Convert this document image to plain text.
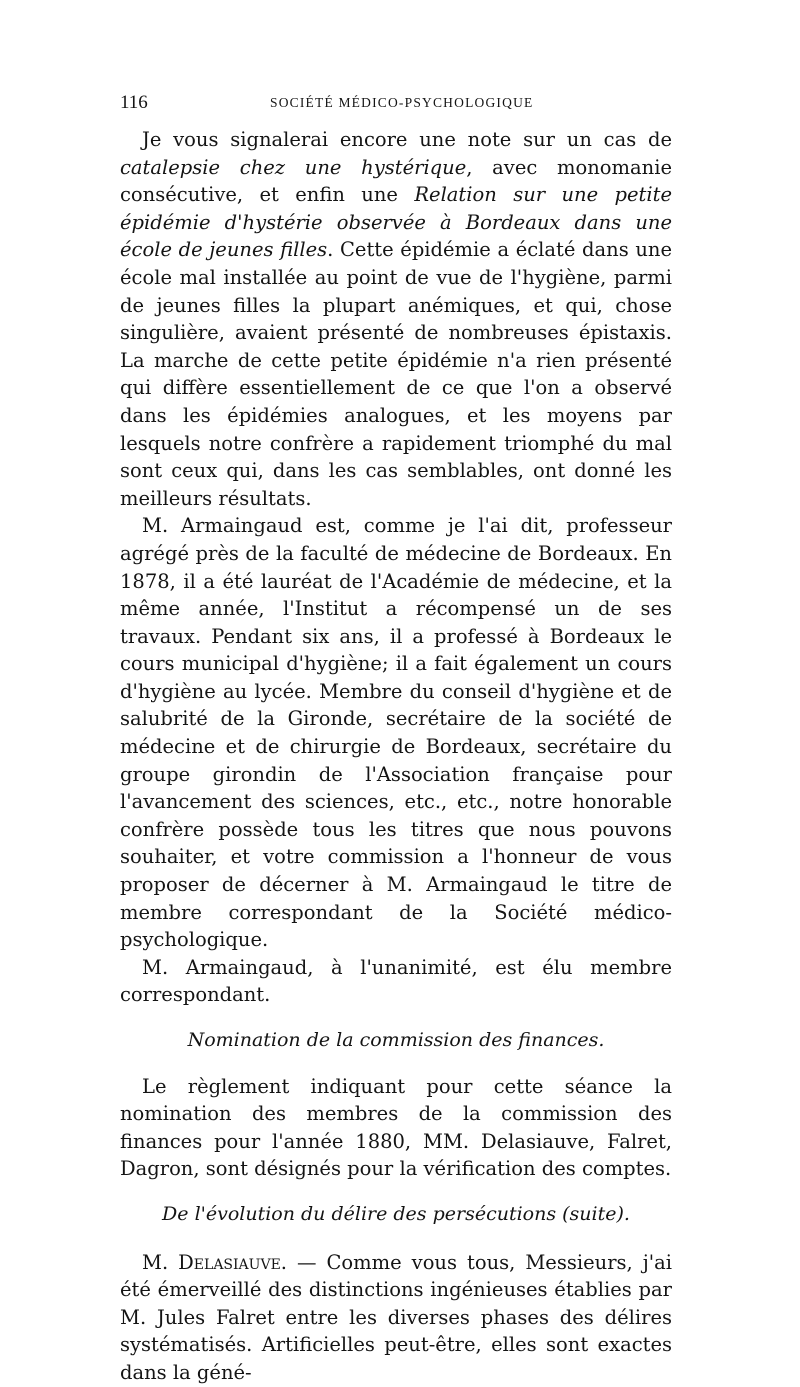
116	SOCIÉTÉ MÉDICO-PSYCHOLOGIQUE

Je vous signalerai encore une note sur un cas de catalepsie chez une hystérique, avec monomanie consécutive, et enfin une Relation sur une petite épidémie d'hystérie observée à Bordeaux dans une école de jeunes filles. Cette épidémie a éclaté dans une école mal installée au point de vue de l'hygiène, parmi de jeunes filles la plupart anémiques, et qui, chose singulière, avaient présenté de nombreuses épistaxis. La marche de cette petite épidémie n'a rien présenté qui diffère essentiellement de ce que l'on a observé dans les épidémies analogues, et les moyens par lesquels notre confrère a rapidement triomphé du mal sont ceux qui, dans les cas semblables, ont donné les meilleurs résultats.

M. Armaingaud est, comme je l'ai dit, professeur agrégé près de la faculté de médecine de Bordeaux. En 1878, il a été lauréat de l'Académie de médecine, et la même année, l'Institut a récompensé un de ses travaux. Pendant six ans, il a professé à Bordeaux le cours municipal d'hygiène; il a fait également un cours d'hygiène au lycée. Membre du conseil d'hygiène et de salubrité de la Gironde, secrétaire de la société de médecine et de chirurgie de Bordeaux, secrétaire du groupe girondin de l'Association française pour l'avancement des sciences, etc., etc., notre honorable confrère possède tous les titres que nous pouvons souhaiter, et votre commission a l'honneur de vous proposer de décerner à M. Armaingaud le titre de membre correspondant de la Société médico-psychologique.

M. Armaingaud, à l'unanimité, est élu membre correspondant.

Nomination de la commission des finances.

Le règlement indiquant pour cette séance la nomination des membres de la commission des finances pour l'année 1880, MM. Delasiauve, Falret, Dagron, sont désignés pour la vérification des comptes.

De l'évolution du délire des persécutions (suite).

M. Delasiauve. — Comme vous tous, Messieurs, j'ai été émerveillé des distinctions ingénieuses établies par M. Jules Falret entre les diverses phases des délires systématisés. Artificielles peut-être, elles sont exactes dans la géné-
